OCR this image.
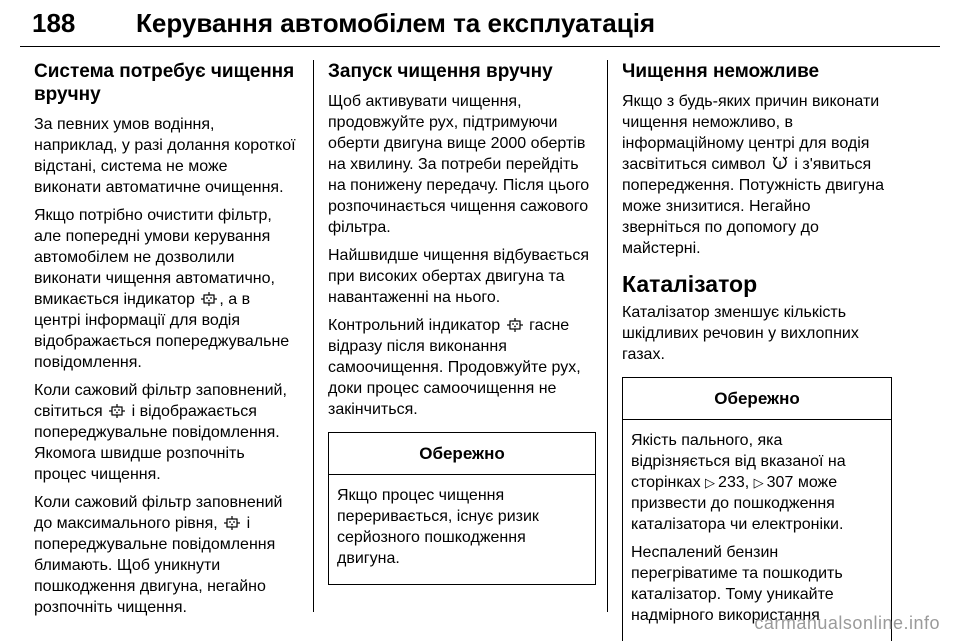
188 Керування автомобілем та експлуатація
Система потребує чищення вручну

За певних умов водіння, наприклад, у разі долання короткої відстані, система не може виконати автоматичне очищення.

Якщо потрібно очистити фільтр, але попередні умови керування автомобілем не дозволили виконати чищення автоматично, вмикається індикатор , а в центрі інформації для водія відображається попереджувальне повідомлення.

Коли сажовий фільтр заповнений, світиться і відображається попереджувальне повідомлення. Якомога швидше розпочніть процес чищення.

Коли сажовий фільтр заповнений до максимального рівня, і попереджувальне повідомлення блимають. Щоб уникнути пошкодження двигуна, негайно розпочніть чищення.

Запуск чищення вручну

Щоб активувати чищення, продовжуйте рух, підтримуючи оберти двигуна вище 2000 обертів на хвилину. За потреби перейдіть на понижену передачу. Після цього розпочинається чищення сажового фільтра.

Найшвидше чищення відбувається при високих обертах двигуна та навантаженні на нього.

Контрольний індикатор гасне відразу після виконання самоочищення. Продовжуйте рух, доки процес самоочищення не закінчиться.

Обережно

Якщо процес чищення переривається, існує ризик серйозного пошкодження двигуна.

Чищення неможливе

Якщо з будь-яких причин виконати чищення неможливо, в інформаційному центрі для водія засвітиться символ і з'явиться попередження. Потужність двигуна може знизитися. Негайно зверніться по допомогу до майстерні.

Каталізатор

Каталізатор зменшує кількість шкідливих речовин у вихлопних газах.

Обережно

Якість пального, яка відрізняється від вказаної на сторінках ▷ 233, ▷ 307 може призвести до пошкодження каталізатора чи електроніки.

Неспалений бензин перегріватиме та пошкодить каталізатор. Тому уникайте надмірного використання

carmanualsonline.info
